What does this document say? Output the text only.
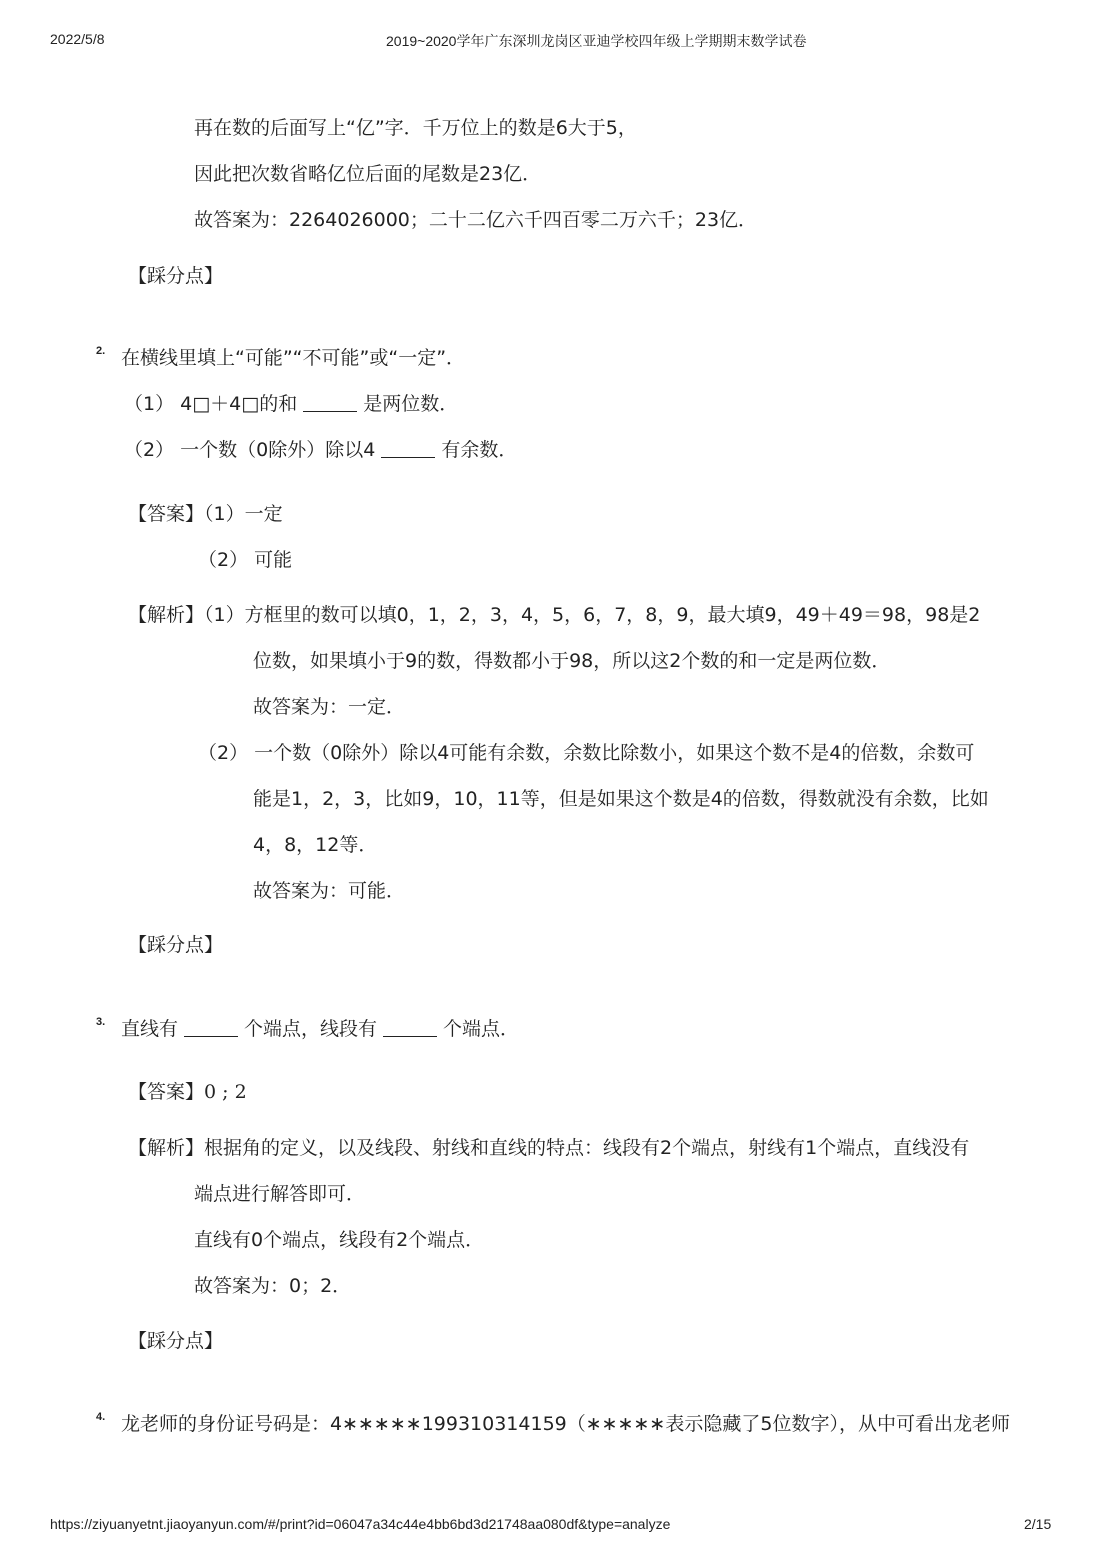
2022/5/8	2019~2020学年广东深圳龙岗区亚迪学校四年级上学期期末数学试卷
再在数的后面写上“亿”字．千万位上的数是6大于5，
因此把次数省略亿位后面的尾数是23亿．
故答案为：2264026000；二十二亿六千四百零二万六千；23亿．
【踩分点】
2. 在横线里填上“可能”“不可能”或“一定”．
（1） 4□＋4□的和	是两位数．
（2） 一个数（0除外）除以4	有余数．
【答案】（1）一定
（2） 可能
【解析】（1）方框里的数可以填0，1，2，3，4，5，6，7，8，9，最大填9，49＋49＝98，98是2
位数，如果填小于9的数，得数都小于98，所以这2个数的和一定是两位数．
故答案为：一定．
（2） 一个数（0除外）除以4可能有余数，余数比除数小，如果这个数不是4的倍数，余数可
能是1，2，3，比如9，10，11等，但是如果这个数是4的倍数，得数就没有余数，比如
4，8，12等．
故答案为：可能．
【踩分点】
3. 直线有	个端点，线段有	个端点．
【答案】0 ; 2
【解析】根据角的定义，以及线段、射线和直线的特点：线段有2个端点，射线有1个端点，直线没有
端点进行解答即可．
直线有0个端点，线段有2个端点．
故答案为：0；2．
【踩分点】
4. 龙老师的身份证号码是：4∗∗∗∗∗199310314159（∗∗∗∗∗表示隐藏了5位数字），从中可看出龙老师
https://ziyuanyetnt.jiaoyanyun.com/#/print?id=06047a34c44e4bb6bd3d21748aa080df&type=analyze	2/15
